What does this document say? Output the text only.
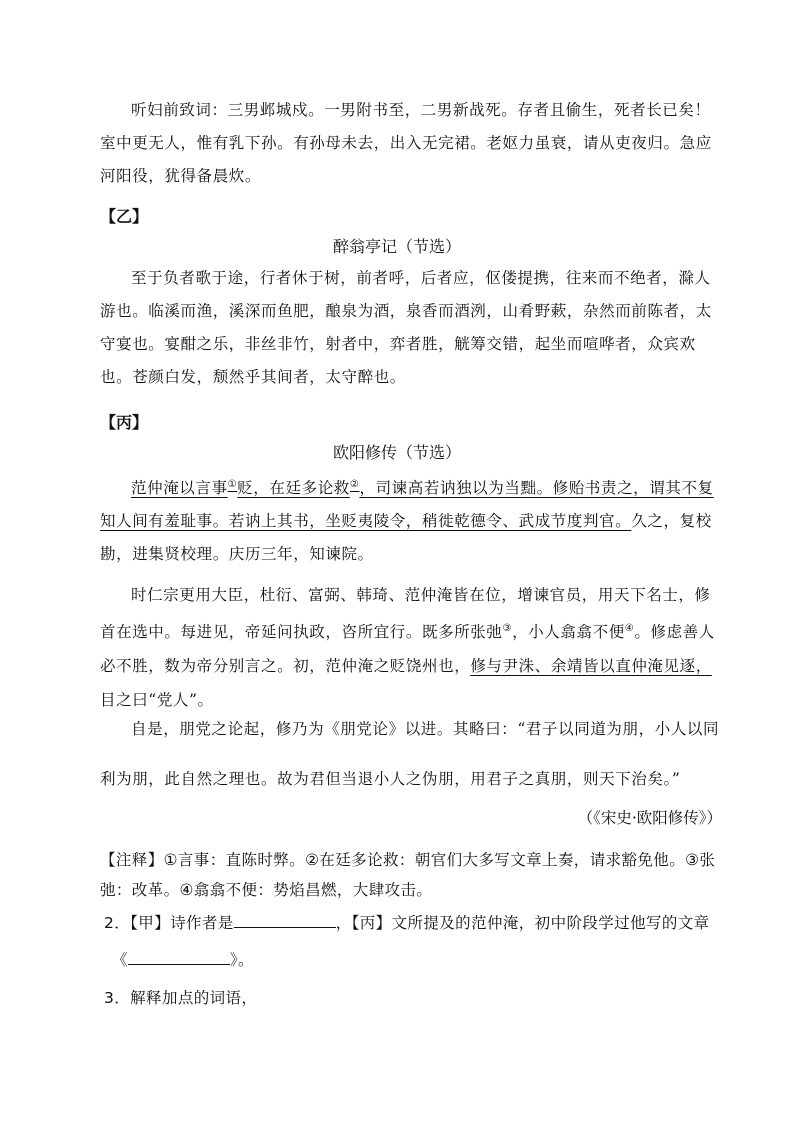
听妇前致词：三男邺城戍。一男附书至，二男新战死。存者且偷生，死者长已矣！室中更无人，惟有乳下孙。有孙母未去，出入无完裙。老妪力虽衰，请从吏夜归。急应河阳役，犹得备晨炊。
【乙】
醉翁亭记（节选）
至于负者歌于途，行者休于树，前者呼，后者应，伛偻提携，往来而不绝者，滁人游也。临溪而渔，溪深而鱼肥，酿泉为酒，泉香而酒洌，山肴野蔌，杂然而前陈者，太守宴也。宴酣之乐，非丝非竹，射者中，弈者胜，觥筹交错，起坐而喧哗者，众宾欢也。苍颜白发，颓然乎其间者，太守醉也。
【丙】
欧阳修传（节选）
范仲淹以言事①贬，在廷多论救②，司谏高若讷独以为当黜。修贻书责之，谓其不复知人间有羞耻事。若讷上其书，坐贬夷陵令，稍徙乾德令、武成节度判官。久之，复校勘，进集贤校理。庆历三年，知谏院。
时仁宗更用大臣，杜衍、富弼、韩琦、范仲淹皆在位，增谏官员，用天下名士，修首在选中。每进见，帝延问执政，咨所宜行。既多所张弛③，小人翕翕不便④。修虑善人必不胜，数为帝分别言之。初，范仲淹之贬饶州也，修与尹洙、余靖皆以直仲淹见逐，目之曰“党人”。
自是，朋党之论起，修乃为《朋党论》以进。其略曰：“君子以同道为朋，小人以同利为朋，此自然之理也。故为君但当退小人之伪朋，用君子之真朋，则天下治矣。”
（《宋史·欧阳修传》）
【注释】①言事：直陈时弊。②在廷多论救：朝官们大多写文章上奏，请求豁免他。③张弛：改革。④翕翕不便：势焰昌燃，大肆攻击。
2．【甲】诗作者是	，【丙】文所提及的范仲淹，初中阶段学过他写的文章
《	》。
3．解释加点的词语，
